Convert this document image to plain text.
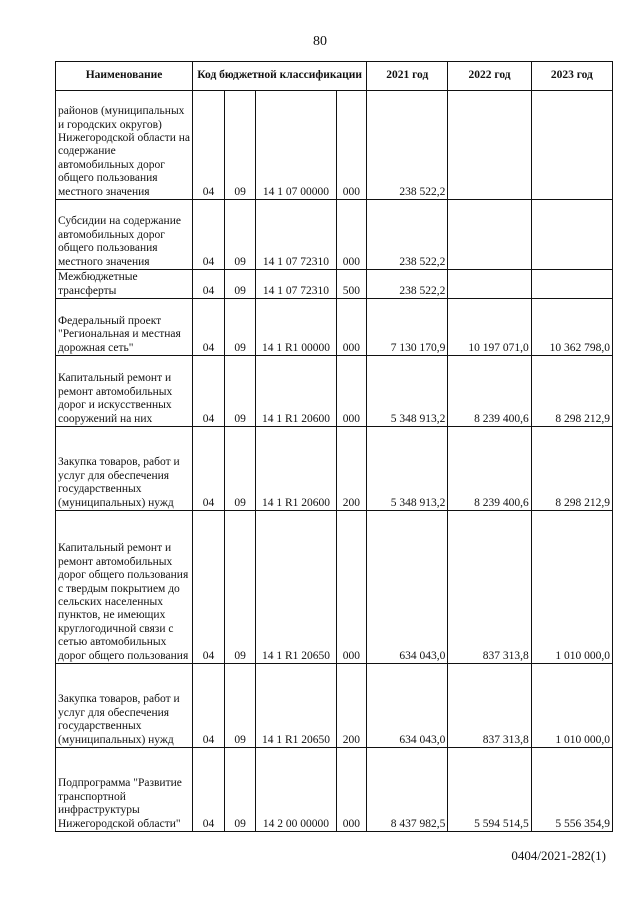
80
Наименование	Код бюджетной классификации				2021 год	2022 год	2023 год
районов (муниципальных и городских округов) Нижегородской области на содержание автомобильных дорог общего пользования местного значения	04	09	14 1 07 00000	000	238 522,2		
Субсидии на содержание автомобильных дорог общего пользования местного значения	04	09	14 1 07 72310	000	238 522,2		
Межбюджетные трансферты	04	09	14 1 07 72310	500	238 522,2		
Федеральный проект "Региональная и местная дорожная сеть"	04	09	14 1 R1 00000	000	7 130 170,9	10 197 071,0	10 362 798,0
Капитальный ремонт и ремонт автомобильных дорог и искусственных сооружений на них	04	09	14 1 R1 20600	000	5 348 913,2	8 239 400,6	8 298 212,9
Закупка товаров, работ и услуг для обеспечения государственных (муниципальных) нужд	04	09	14 1 R1 20600	200	5 348 913,2	8 239 400,6	8 298 212,9
Капитальный ремонт и ремонт автомобильных дорог общего пользования с твердым покрытием до сельских населенных пунктов, не имеющих круглогодичной связи с сетью автомобильных дорог общего пользования	04	09	14 1 R1 20650	000	634 043,0	837 313,8	1 010 000,0
Закупка товаров, работ и услуг для обеспечения государственных (муниципальных) нужд	04	09	14 1 R1 20650	200	634 043,0	837 313,8	1 010 000,0
Подпрограмма "Развитие транспортной инфраструктуры Нижегородской области"	04	09	14 2 00 00000	000	8 437 982,5	5 594 514,5	5 556 354,9
0404/2021-282(1)
